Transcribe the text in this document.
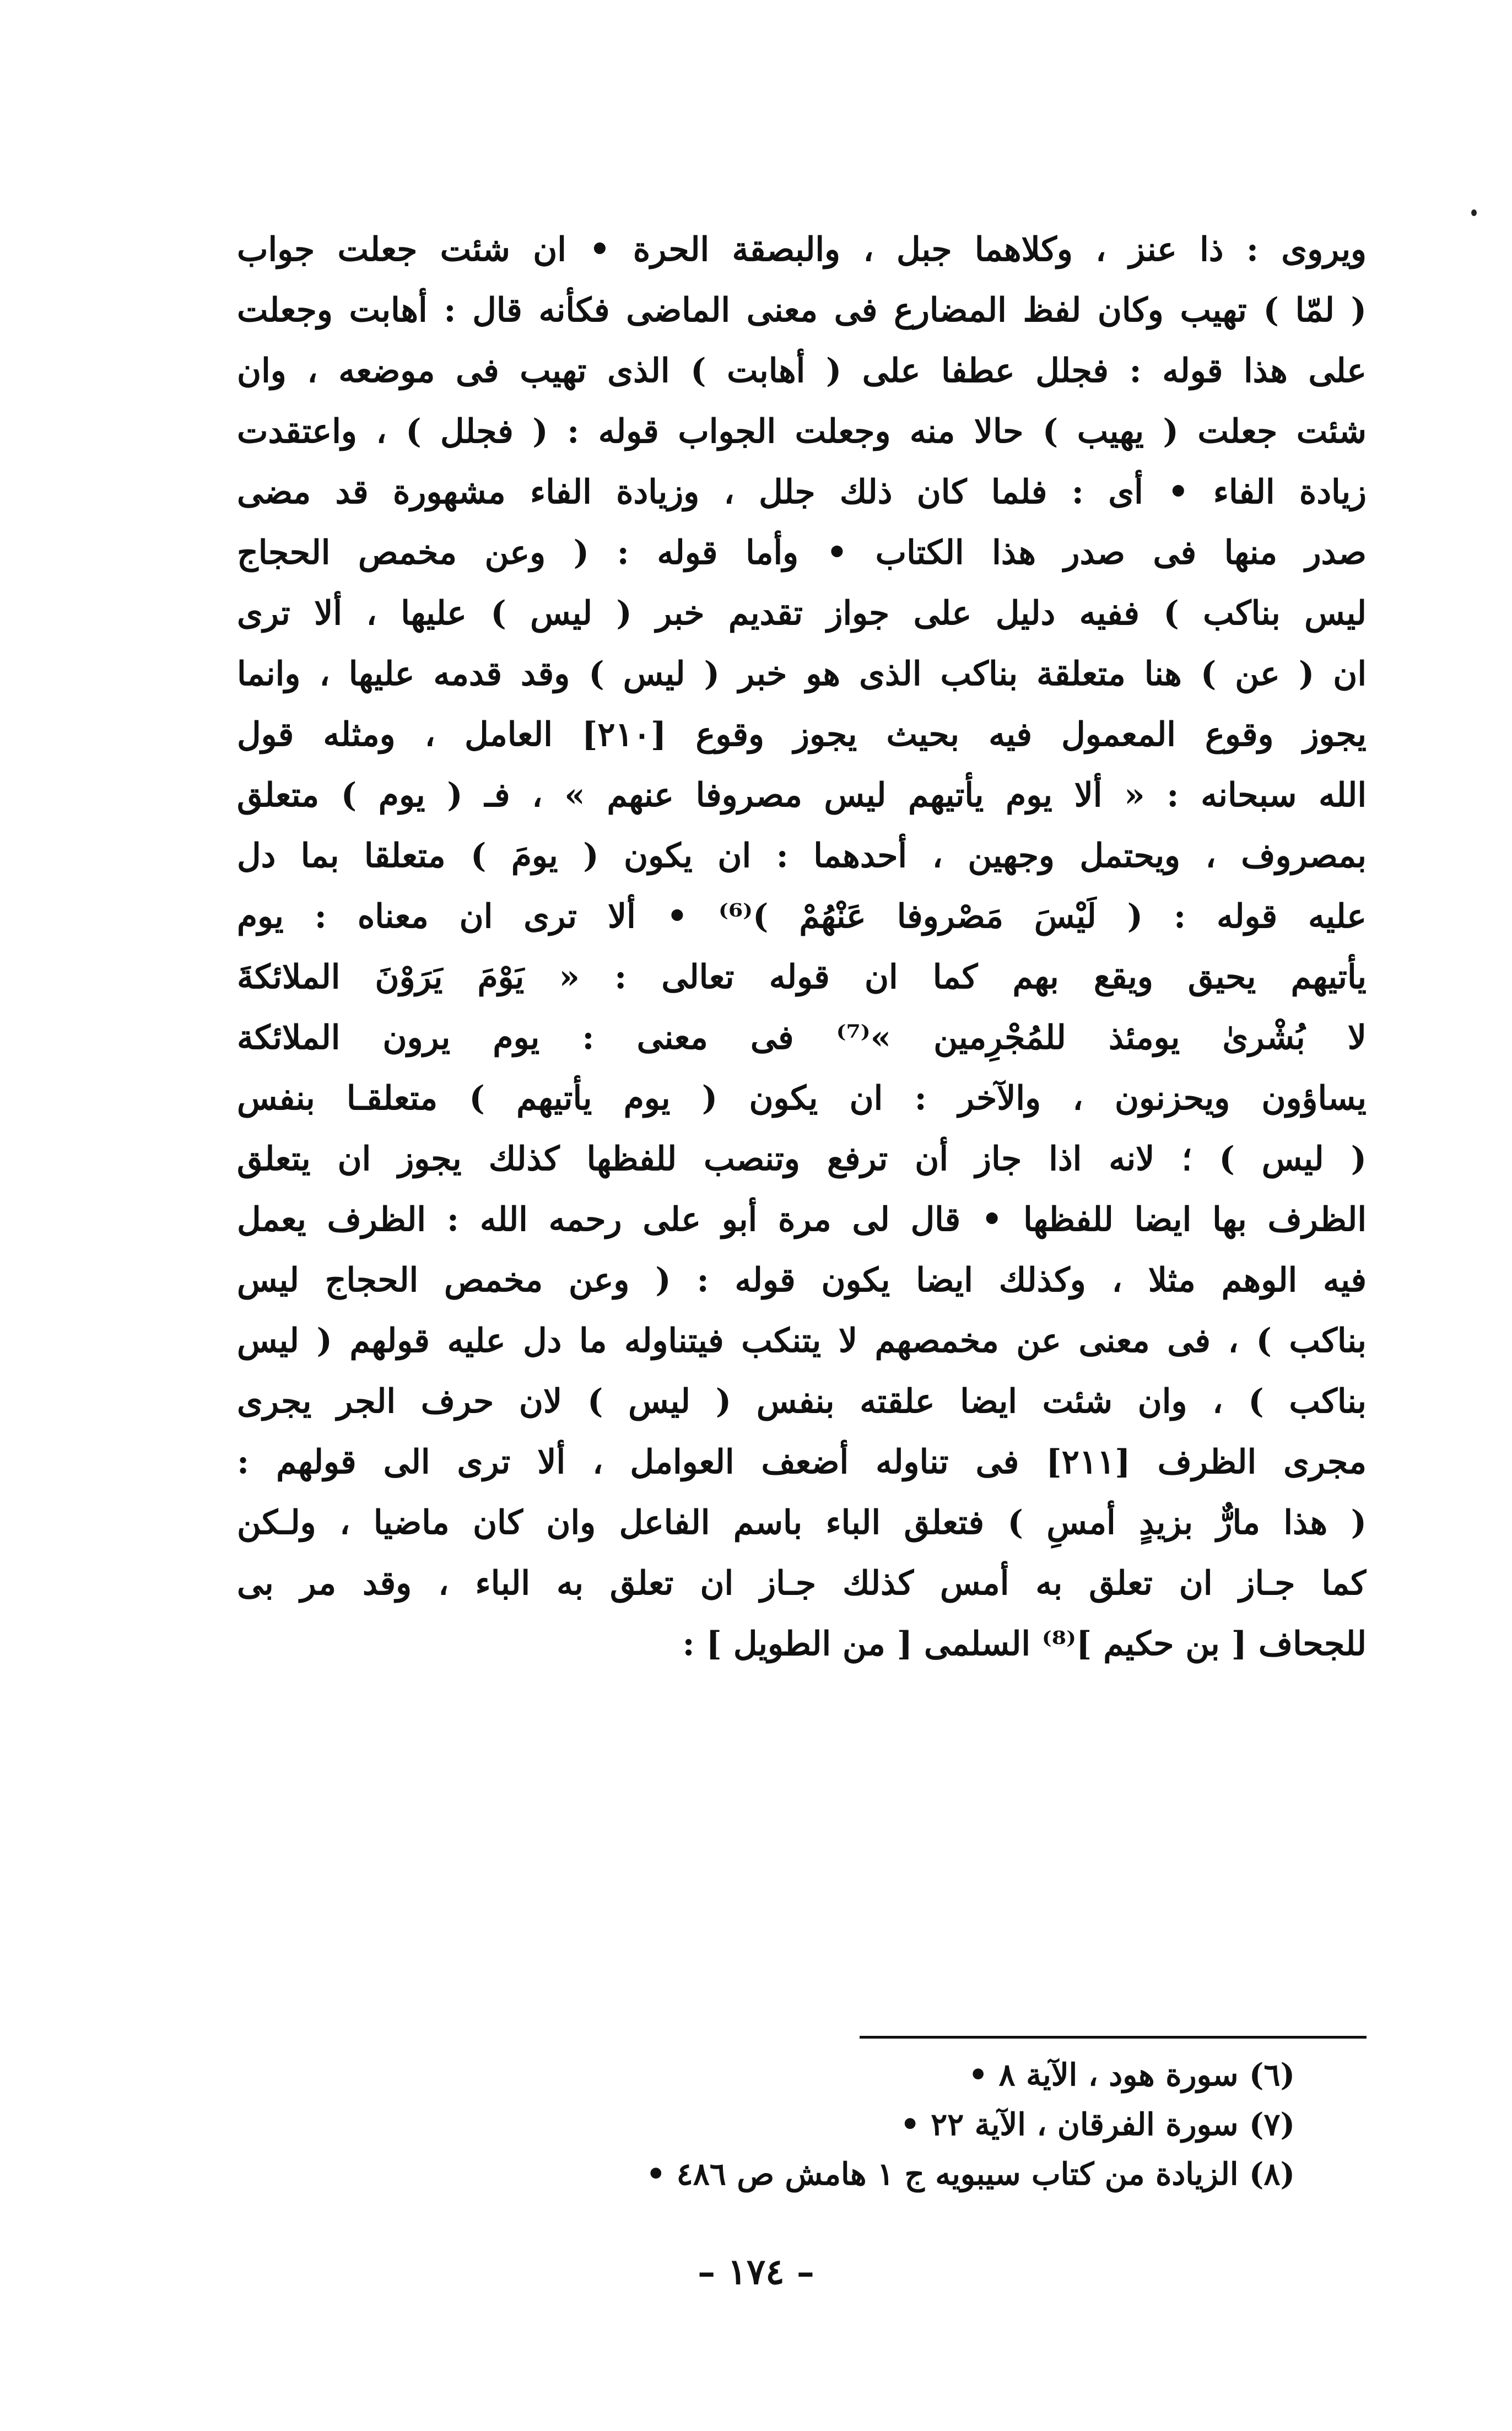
ويروى : ذا عنز ، وكلاهما جبل ، والبصقة الحرة • ان شئت جعلت جواب
( لمّا ) تهيب وكان لفظ المضارع فى معنى الماضى فكأنه قال : أهابت وجعلت
على هذا قوله : فجلل عطفا على ( أهابت ) الذى تهيب فى موضعه ، وان
شئت جعلت ( يهيب ) حالا منه وجعلت الجواب قوله : ( فجلل ) ، واعتقدت
زيادة الفاء • أى : فلما كان ذلك جلل ، وزيادة الفاء مشهورة قد مضى
صدر منها فى صدر هذا الكتاب • وأما قوله : ( وعن مخمص الحجاج
ليس بناكب ) ففيه دليل على جواز تقديم خبر ( ليس ) عليها ، ألا ترى
ان ( عن ) هنا متعلقة بناكب الذى هو خبر ( ليس ) وقد قدمه عليها ، وانما
يجوز وقوع المعمول فيه بحيث يجوز وقوع [٢١٠] العامل ، ومثله قول
الله سبحانه : « ألا يوم يأتيهم ليس مصروفا عنهم » ، فـ ( يوم ) متعلق
بمصروف ، ويحتمل وجهين ، أحدهما : ان يكون ( يومَ ) متعلقا بما دل
عليه قوله : ( لَيْسَ مَصْروفا عَنْهُمْ )⁽⁶⁾ • ألا ترى ان معناه : يوم
يأتيهم يحيق ويقع بهم كما ان قوله تعالى : « يَوْمَ يَرَوْنَ الملائكةَ
لا بُشْرىٰ يومئذ للمُجْرِمين »⁽⁷⁾ فى معنى : يوم يرون الملائكة
يساؤون ويحزنون ، والآخر : ان يكون ( يوم يأتيهم ) متعلقـا بنفس
( ليس ) ؛ لانه اذا جاز أن ترفع وتنصب للفظها كذلك يجوز ان يتعلق
الظرف بها ايضا للفظها • قال لى مرة أبو على رحمه الله : الظرف يعمل
فيه الوهم مثلا ، وكذلك ايضا يكون قوله : ( وعن مخمص الحجاج ليس
بناكب ) ، فى معنى عن مخمصهم لا يتنكب فيتناوله ما دل عليه قولهم ( ليس
بناكب ) ، وان شئت ايضا علقته بنفس ( ليس ) لان حرف الجر يجرى
مجرى الظرف [٢١١] فى تناوله أضعف العوامل ، ألا ترى الى قولهم :
( هذا مارٌّ بزيدٍ أمسِ ) فتعلق الباء باسم الفاعل وان كان ماضيا ، ولـكن
كما جـاز ان تعلق به أمس كذلك جـاز ان تعلق به الباء ، وقد مر بى
للجحاف [ بن حكيم ]⁽⁸⁾ السلمى [ من الطويل ] :
(٦) سورة هود ، الآية ٨ •
(٧) سورة الفرقان ، الآية ٢٢ •
(٨) الزيادة من كتاب سيبويه ج ١ هامش ص ٤٨٦ •
– ١٧٤ –
